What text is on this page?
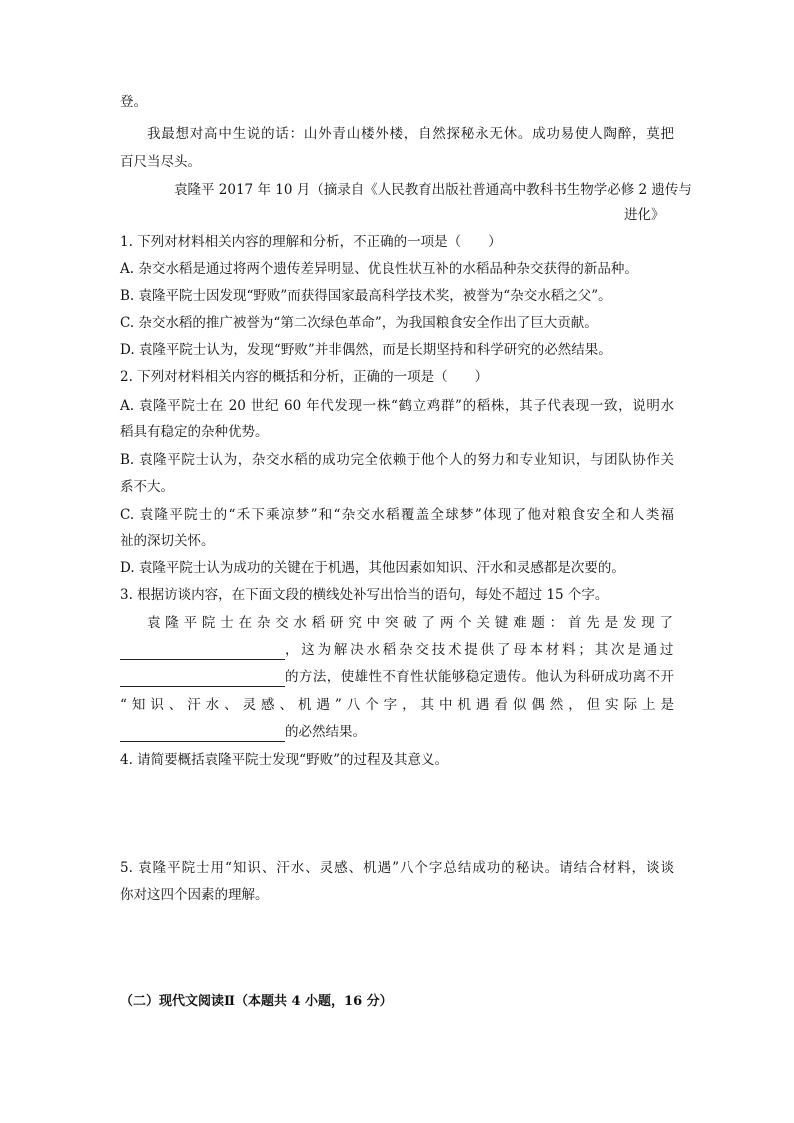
登。
我最想对高中生说的话：山外青山楼外楼，自然探秘永无休。成功易使人陶醉，莫把
百尺当尽头。
袁隆平 2017 年 10 月（摘录自《人民教育出版社普通高中教科书生物学必修 2 遗传与
进化》
1. 下列对材料相关内容的理解和分析，不正确的一项是（　　）
A. 杂交水稻是通过将两个遗传差异明显、优良性状互补的水稻品种杂交获得的新品种。
B. 袁隆平院士因发现“野败”而获得国家最高科学技术奖，被誉为“杂交水稻之父”。
C. 杂交水稻的推广被誉为“第二次绿色革命”，为我国粮食安全作出了巨大贡献。
D. 袁隆平院士认为，发现“野败”并非偶然，而是长期坚持和科学研究的必然结果。
2. 下列对材料相关内容的概括和分析，正确的一项是（　　）
A. 袁隆平院士在 20 世纪 60 年代发现一株“鹤立鸡群”的稻株，其子代表现一致，说明水
稻具有稳定的杂种优势。
B. 袁隆平院士认为，杂交水稻的成功完全依赖于他个人的努力和专业知识，与团队协作关
系不大。
C. 袁隆平院士的“禾下乘凉梦”和“杂交水稻覆盖全球梦”体现了他对粮食安全和人类福
祉的深切关怀。
D. 袁隆平院士认为成功的关键在于机遇，其他因素如知识、汗水和灵感都是次要的。
3. 根据访谈内容，在下面文段的横线处补写出恰当的语句，每处不超过 15 个字。
袁隆平院士在杂交水稻研究中突破了两个关键难题：首先是发现了
，这为解决水稻杂交技术提供了母本材料；其次是通过
的方法，使雄性不育性状能够稳定遗传。他认为科研成功离不开
“知识、汗水、灵感、机遇”八个字，其中机遇看似偶然，但实际上是
的必然结果。
4. 请简要概括袁隆平院士发现“野败”的过程及其意义。
5. 袁隆平院士用“知识、汗水、灵感、机遇”八个字总结成功的秘诀。请结合材料，谈谈
你对这四个因素的理解。
（二）现代文阅读Ⅱ（本题共 4 小题，16 分）
